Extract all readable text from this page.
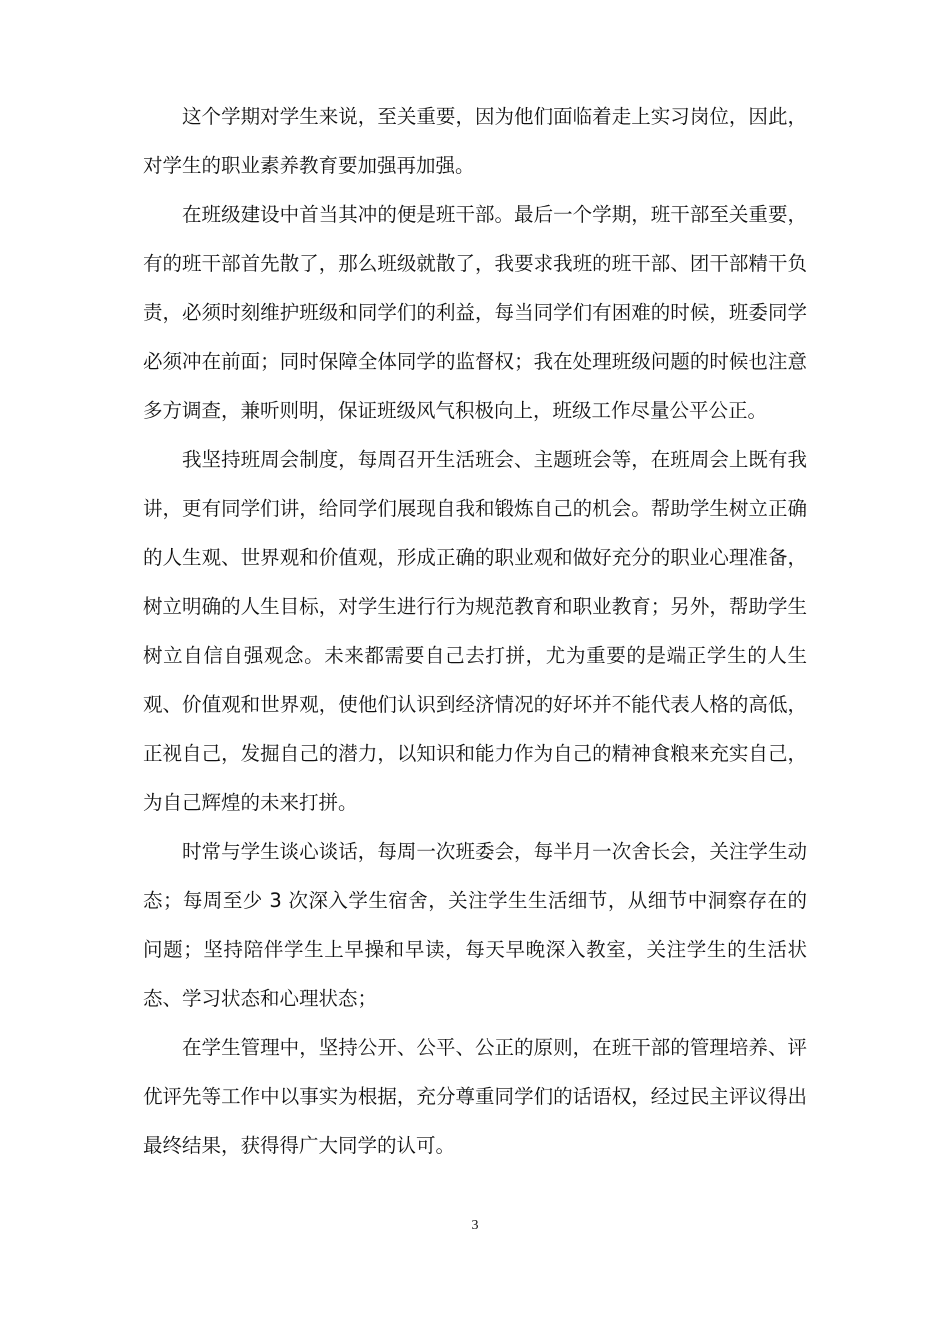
这个学期对学生来说，至关重要，因为他们面临着走上实习岗位，因此，对学生的职业素养教育要加强再加强。

在班级建设中首当其冲的便是班干部。最后一个学期，班干部至关重要，有的班干部首先散了，那么班级就散了，我要求我班的班干部、团干部精干负责，必须时刻维护班级和同学们的利益，每当同学们有困难的时候，班委同学必须冲在前面；同时保障全体同学的监督权；我在处理班级问题的时候也注意多方调查，兼听则明，保证班级风气积极向上，班级工作尽量公平公正。

我坚持班周会制度，每周召开生活班会、主题班会等，在班周会上既有我讲，更有同学们讲，给同学们展现自我和锻炼自己的机会。帮助学生树立正确的人生观、世界观和价值观，形成正确的职业观和做好充分的职业心理准备，树立明确的人生目标，对学生进行行为规范教育和职业教育；另外，帮助学生树立自信自强观念。未来都需要自己去打拼，尤为重要的是端正学生的人生观、价值观和世界观，使他们认识到经济情况的好坏并不能代表人格的高低，正视自己，发掘自己的潜力，以知识和能力作为自己的精神食粮来充实自己，为自己辉煌的未来打拼。

时常与学生谈心谈话，每周一次班委会，每半月一次舍长会，关注学生动态；每周至少 3 次深入学生宿舍，关注学生生活细节，从细节中洞察存在的问题；坚持陪伴学生上早操和早读，每天早晚深入教室，关注学生的生活状态、学习状态和心理状态；

在学生管理中，坚持公开、公平、公正的原则，在班干部的管理培养、评优评先等工作中以事实为根据，充分尊重同学们的话语权，经过民主评议得出最终结果，获得得广大同学的认可。

3
